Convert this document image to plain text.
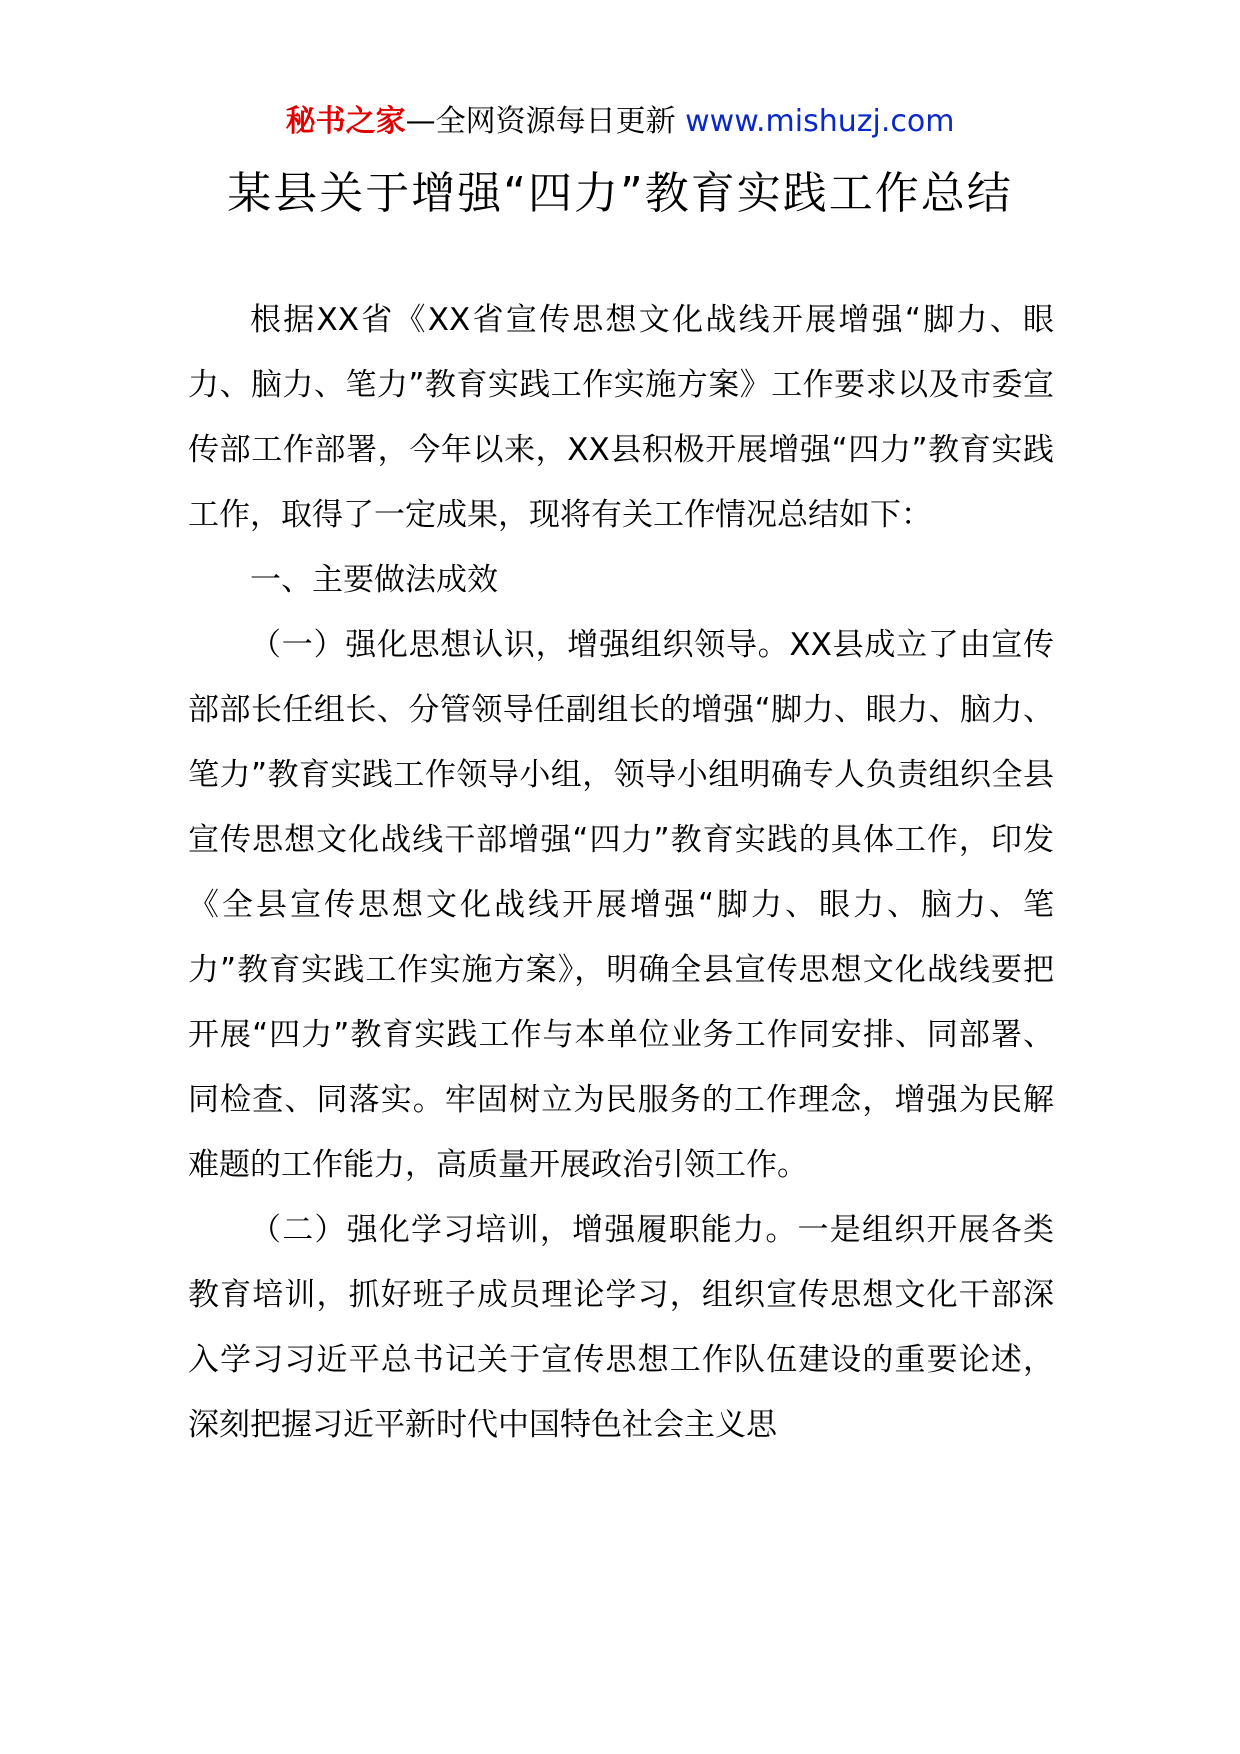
秘书之家—全网资源每日更新 www.mishuzj.com
某县关于增强“四力”教育实践工作总结

根据XX省《XX省宣传思想文化战线开展增强“脚力、眼力、脑力、笔力”教育实践工作实施方案》工作要求以及市委宣传部工作部署，今年以来，XX县积极开展增强“四力”教育实践工作，取得了一定成果，现将有关工作情况总结如下：

一、主要做法成效

（一）强化思想认识，增强组织领导。XX县成立了由宣传部部长任组长、分管领导任副组长的增强“脚力、眼力、脑力、笔力”教育实践工作领导小组，领导小组明确专人负责组织全县宣传思想文化战线干部增强“四力”教育实践的具体工作，印发《全县宣传思想文化战线开展增强“脚力、眼力、脑力、笔力”教育实践工作实施方案》，明确全县宣传思想文化战线要把开展“四力”教育实践工作与本单位业务工作同安排、同部署、同检查、同落实。牢固树立为民服务的工作理念，增强为民解难题的工作能力，高质量开展政治引领工作。

（二）强化学习培训，增强履职能力。一是组织开展各类教育培训，抓好班子成员理论学习，组织宣传思想文化干部深入学习习近平总书记关于宣传思想工作队伍建设的重要论述，深刻把握习近平新时代中国特色社会主义思
